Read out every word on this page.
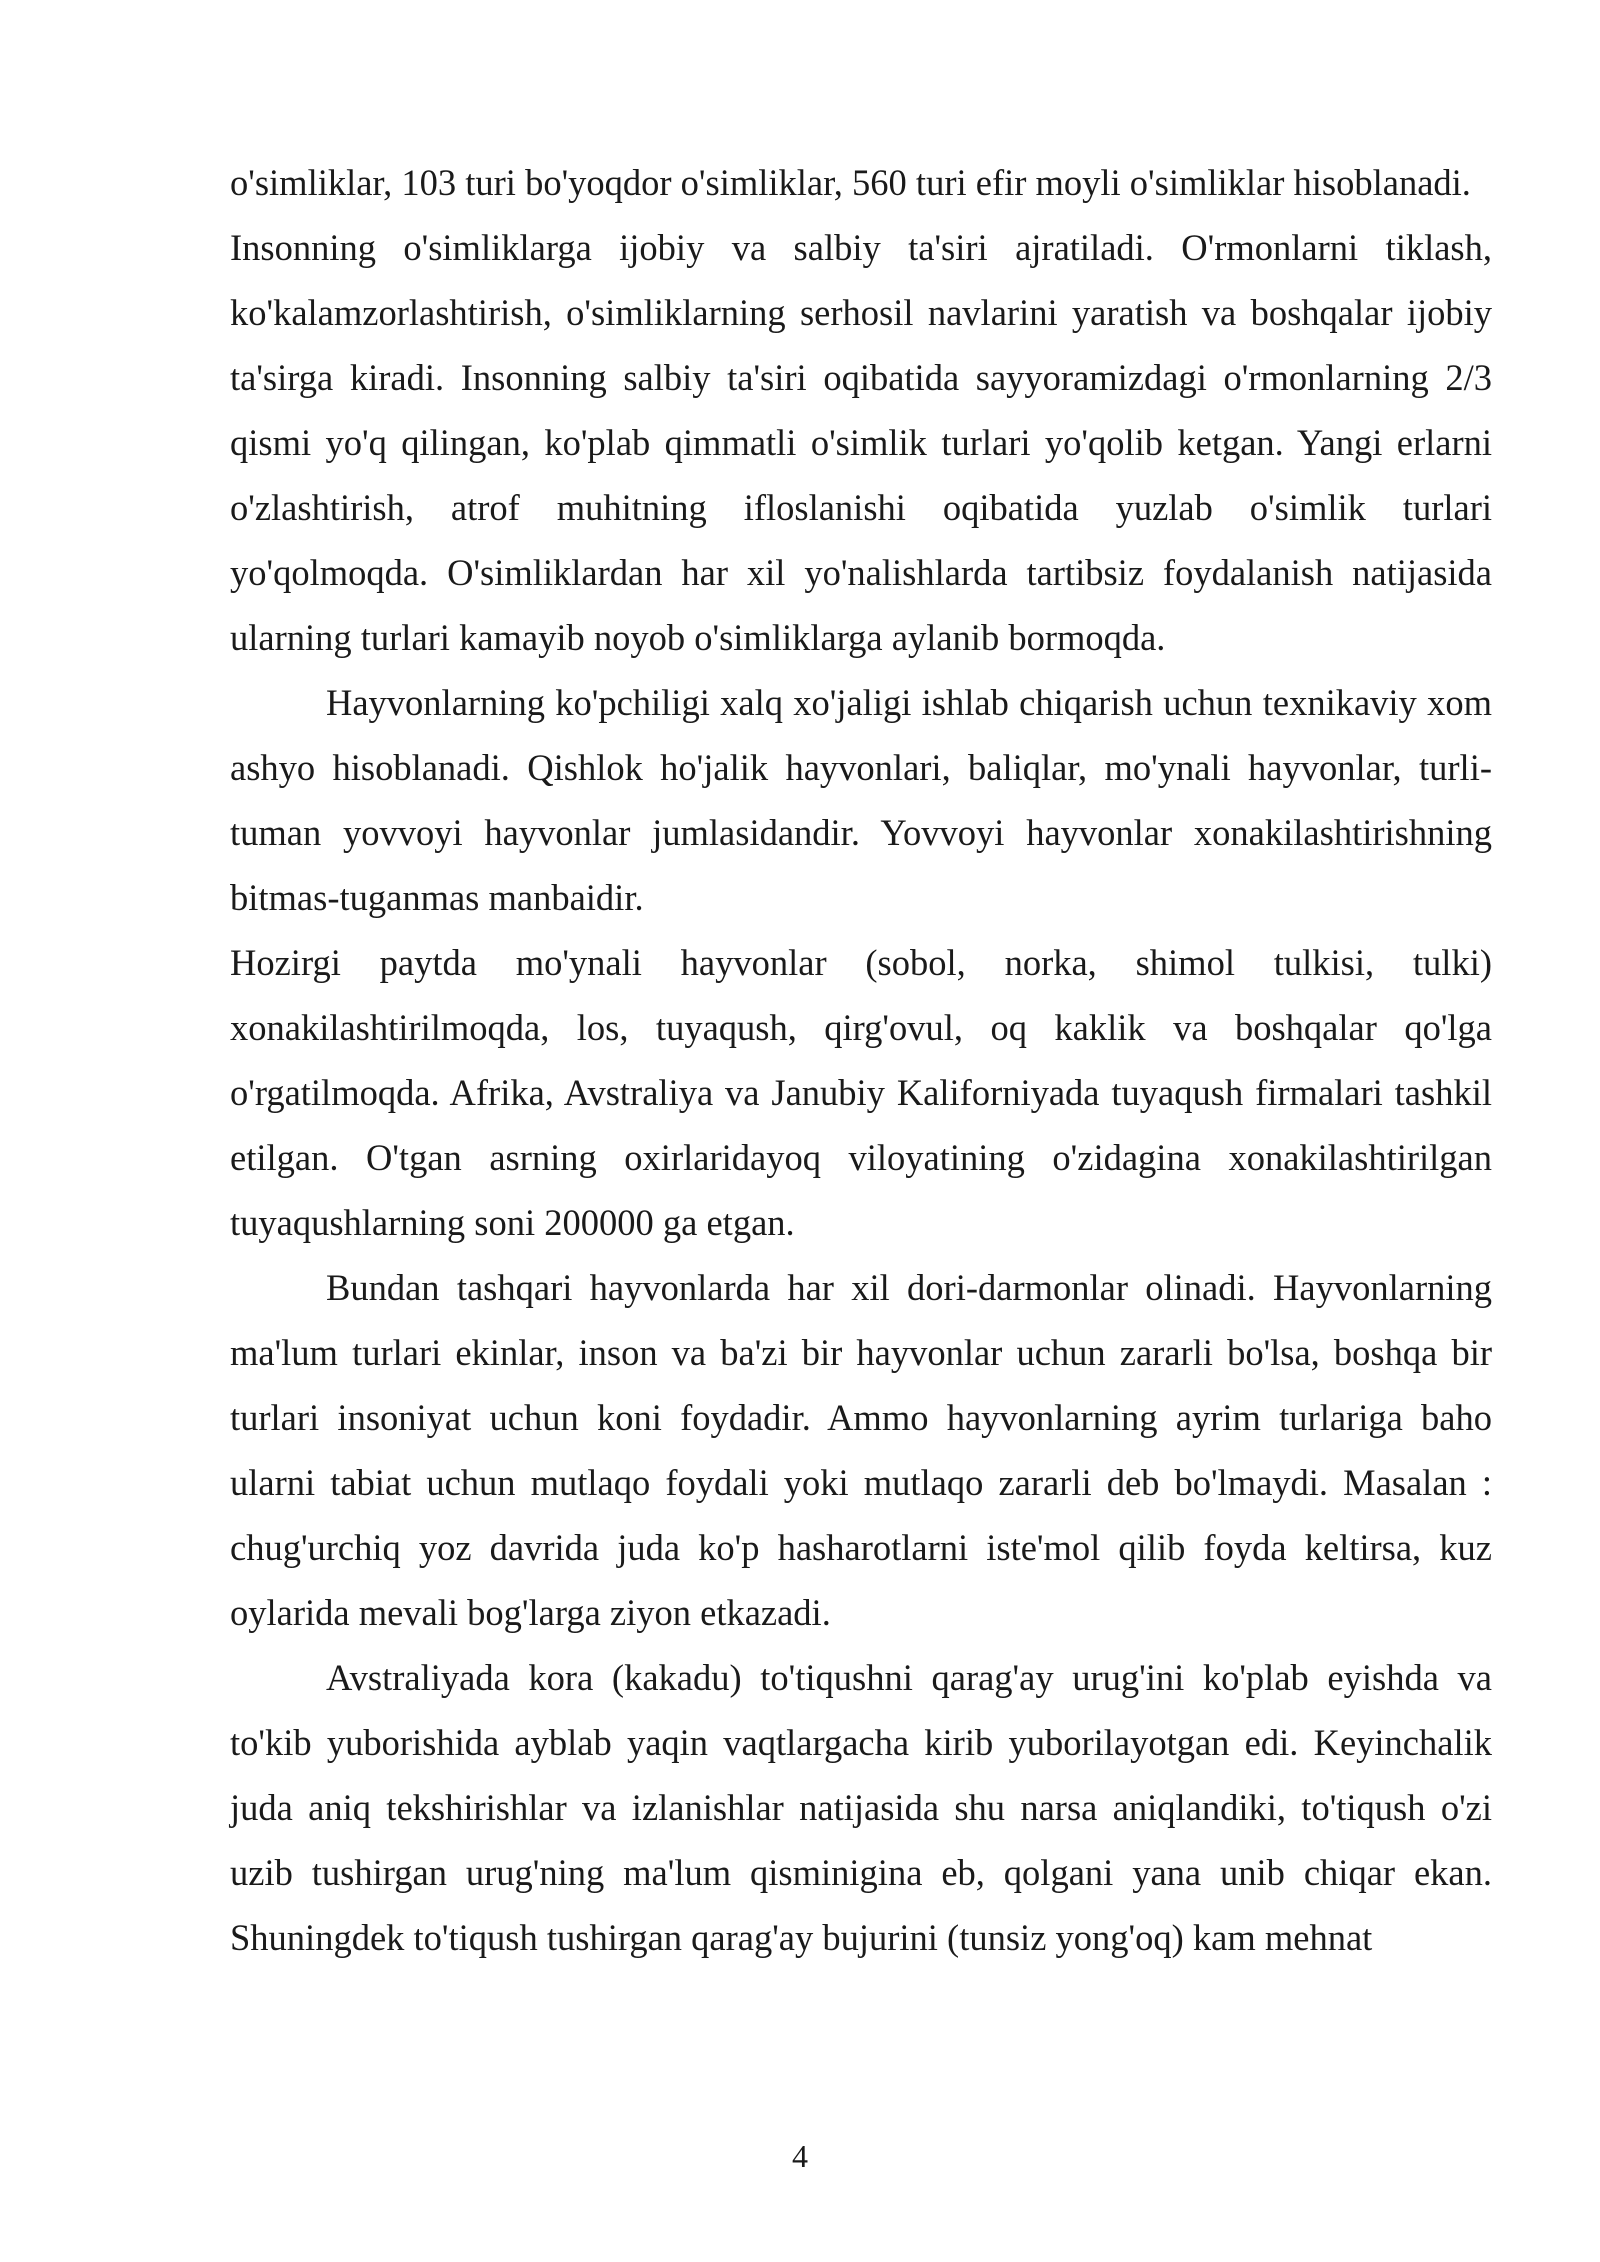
o'simliklar, 103 turi bo'yoqdor o'simliklar, 560 turi efir moyli o'simliklar hisoblanadi.

Insonning o'simliklarga ijobiy va salbiy ta'siri ajratiladi. O'rmonlarni tiklash, ko'kalamzorlashtirish, o'simliklarning serhosil navlarini yaratish va boshqalar ijobiy ta'sirga kiradi. Insonning salbiy ta'siri oqibatida sayyoramizdagi o'rmonlarning 2/3 qismi yo'q qilingan, ko'plab qimmatli o'simlik turlari yo'qolib ketgan. Yangi erlarni o'zlashtirish, atrof muhitning ifloslanishi oqibatida yuzlab o'simlik turlari yo'qolmoqda. O'simliklardan har xil yo'nalishlarda tartibsiz foydalanish natijasida ularning turlari kamayib noyob o'simliklarga aylanib bormoqda.

Hayvonlarning ko'pchiligi xalq xo'jaligi ishlab chiqarish uchun texnikaviy xom ashyo hisoblanadi. Qishlok ho'jalik hayvonlari, baliqlar, mo'ynali hayvonlar, turli-tuman yovvoyi hayvonlar jumlasidandir. Yovvoyi hayvonlar xonakilashtirishning bitmas-tuganmas manbaidir.

Hozirgi paytda mo'ynali hayvonlar (sobol, norka, shimol tulkisi, tulki) xonakilashtirilmoqda, los, tuyaqush, qirg'ovul, oq kaklik va boshqalar qo'lga o'rgatilmoqda. Afrika, Avstraliya va Janubiy Kaliforniyada tuyaqush firmalari tashkil etilgan. O'tgan asrning oxirlaridayoq viloyatining o'zidagina xonakilashtirilgan tuyaqushlarning soni 200000 ga etgan.

Bundan tashqari hayvonlarda har xil dori-darmonlar olinadi. Hayvonlarning ma'lum turlari ekinlar, inson va ba'zi bir hayvonlar uchun zararli bo'lsa, boshqa bir turlari insoniyat uchun koni foydadir. Ammo hayvonlarning ayrim turlariga baho ularni tabiat uchun mutlaqo foydali yoki mutlaqo zararli deb bo'lmaydi. Masalan : chug'urchiq yoz davrida juda ko'p hasharotlarni iste'mol qilib foyda keltirsa, kuz oylarida mevali bog'larga ziyon etkazadi.

Avstraliyada kora (kakadu) to'tiqushni qarag'ay urug'ini ko'plab eyishda va to'kib yuborishida ayblab yaqin vaqtlargacha kirib yuborilayotgan edi. Keyinchalik juda aniq tekshirishlar va izlanishlar natijasida shu narsa aniqlandiki, to'tiqush o'zi uzib tushirgan urug'ning ma'lum qisminigina eb, qolgani yana unib chiqar ekan. Shuningdek to'tiqush tushirgan qarag'ay bujurini (tunsiz yong'oq) kam mehnat

4
